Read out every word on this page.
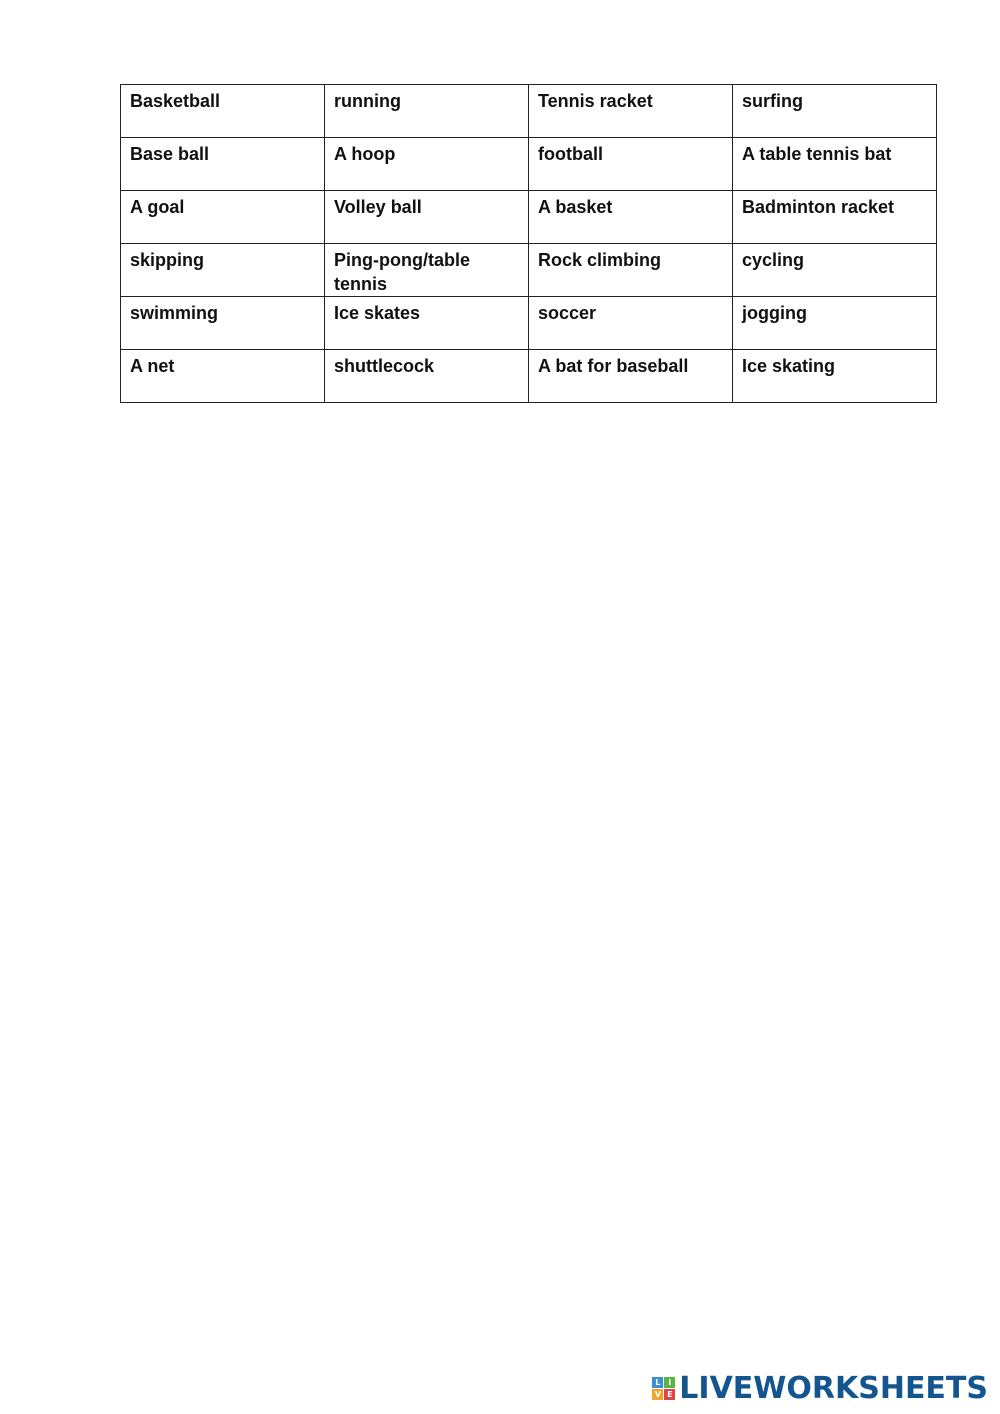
Basketball	running	Tennis racket	surfing
Base ball	A hoop	football	A table tennis bat
A goal	Volley ball	A basket	Badminton racket
skipping	Ping-pong/table tennis	Rock climbing	cycling
swimming	Ice skates	soccer	jogging
A net	shuttlecock	A bat for baseball	Ice skating
L I
V E LIVEWORKSHEETS
